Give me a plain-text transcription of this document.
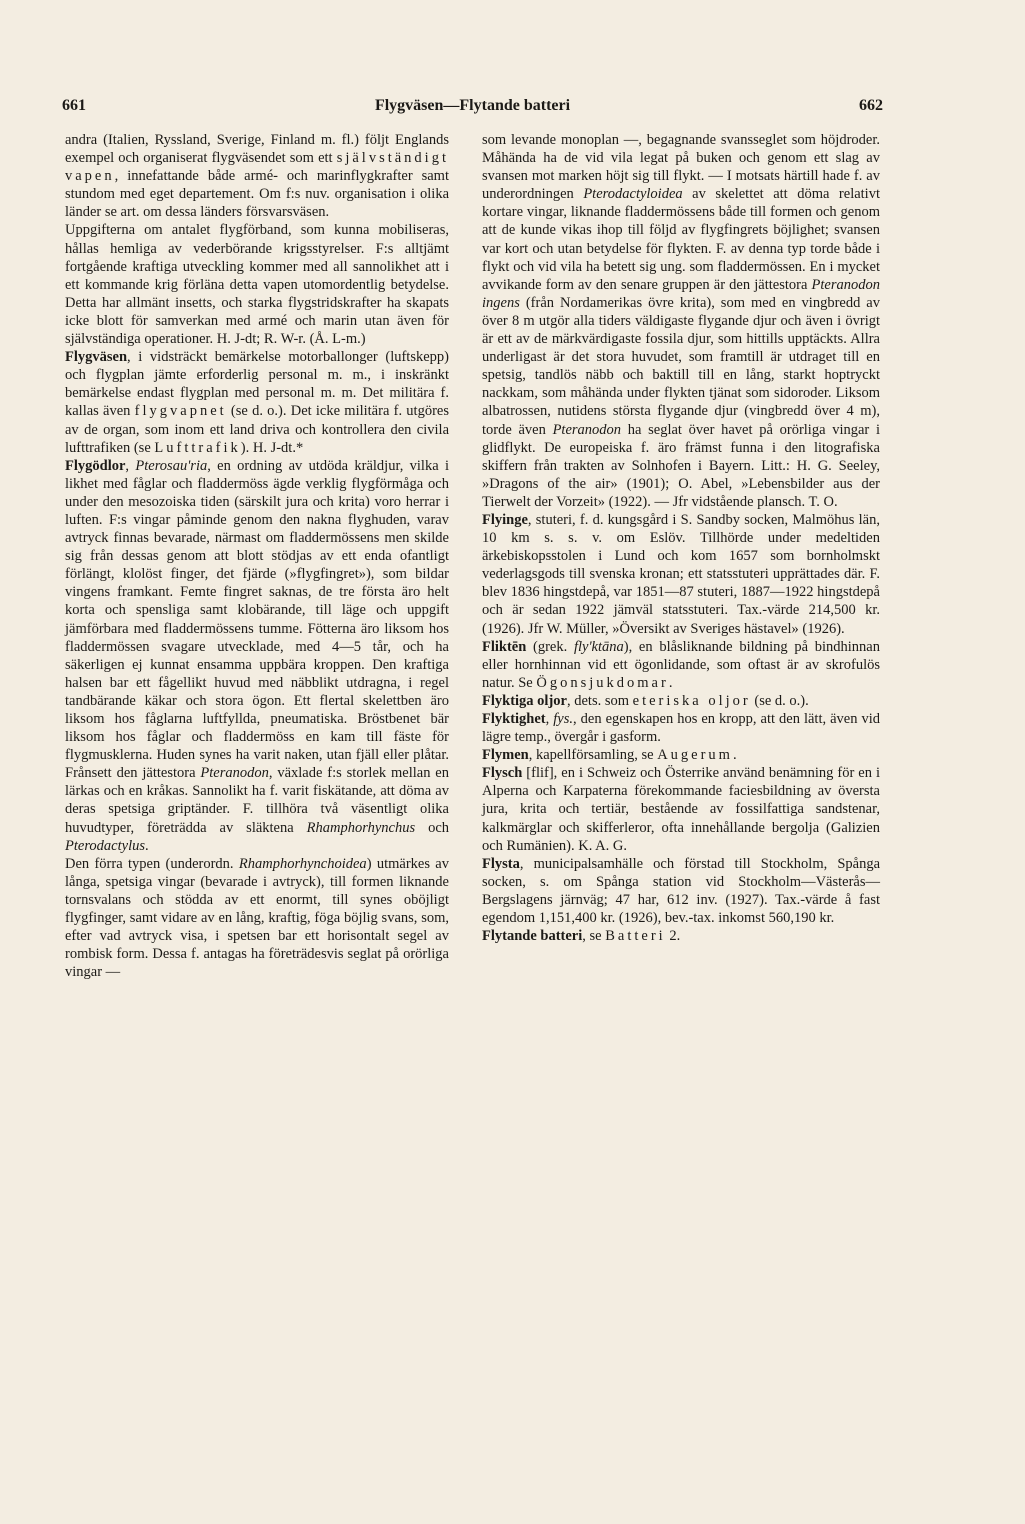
661	Flygväsen—Flytande batteri	662

andra (Italien, Ryssland, Sverige, Finland m. fl.) följt Englands exempel och organiserat flygväsendet som ett självständigt vapen, innefattande både armé- och marinflygkrafter samt stundom med eget departement. Om f:s nuv. organisation i olika länder se art. om dessa länders försvarsväsen.

Uppgifterna om antalet flygförband, som kunna mobiliseras, hållas hemliga av vederbörande krigsstyrelser. F:s alltjämt fortgående kraftiga utveckling kommer med all sannolikhet att i ett kommande krig förläna detta vapen utomordentlig betydelse. Detta har allmänt insetts, och starka flygstridskrafter ha skapats icke blott för samverkan med armé och marin utan även för självständiga operationer. H. J-dt; R. W-r. (Å. L-m.)

Flygväsen, i vidsträckt bemärkelse motorballonger (luftskepp) och flygplan jämte erforderlig personal m. m., i inskränkt bemärkelse endast flygplan med personal m. m. Det militära f. kallas även flygvapnet (se d. o.). Det icke militära f. utgöres av de organ, som inom ett land driva och kontrollera den civila lufttrafiken (se Lufttrafik). H. J-dt.*

Flygödlor, Pterosau'ria, en ordning av utdöda kräldjur, vilka i likhet med fåglar och fladdermöss ägde verklig flygförmåga och under den mesozoiska tiden (särskilt jura och krita) voro herrar i luften. F:s vingar påminde genom den nakna flyghuden, varav avtryck finnas bevarade, närmast om fladdermössens men skilde sig från dessas genom att blott stödjas av ett enda ofantligt förlängt, klolöst finger, det fjärde (»flygfingret»), som bildar vingens framkant. Femte fingret saknas, de tre första äro helt korta och spensliga samt klobärande, till läge och uppgift jämförbara med fladdermössens tumme. Fötterna äro liksom hos fladdermössen svagare utvecklade, med 4—5 tår, och ha säkerligen ej kunnat ensamma uppbära kroppen. Den kraftiga halsen bar ett fågellikt huvud med näbblikt utdragna, i regel tandbärande käkar och stora ögon. Ett flertal skelettben äro liksom hos fåglarna luftfyllda, pneumatiska. Bröstbenet bär liksom hos fåglar och fladdermöss en kam till fäste för flygmusklerna. Huden synes ha varit naken, utan fjäll eller plåtar. Frånsett den jättestora Pteranodon, växlade f:s storlek mellan en lärkas och en kråkas. Sannolikt ha f. varit fiskätande, att döma av deras spetsiga griptänder. F. tillhöra två väsentligt olika huvudtyper, företrädda av släktena Rhamphorhynchus och Pterodactylus.

Den förra typen (underordn. Rhamphorhynchoidea) utmärkes av långa, spetsiga vingar (bevarade i avtryck), till formen liknande tornsvalans och stödda av ett enormt, till synes oböjligt flygfinger, samt vidare av en lång, kraftig, föga böjlig svans, som, efter vad avtryck visa, i spetsen bar ett horisontalt segel av rombisk form. Dessa f. antagas ha företrädesvis seglat på orörliga vingar —

som levande monoplan —, begagnande svansseglet som höjdroder. Måhända ha de vid vila legat på buken och genom ett slag av svansen mot marken höjt sig till flykt. — I motsats härtill hade f. av underordningen Pterodactyloidea av skelettet att döma relativt kortare vingar, liknande fladdermössens både till formen och genom att de kunde vikas ihop till följd av flygfingrets böjlighet; svansen var kort och utan betydelse för flykten. F. av denna typ torde både i flykt och vid vila ha betett sig ung. som fladdermössen. En i mycket avvikande form av den senare gruppen är den jättestora Pteranodon ingens (från Nordamerikas övre krita), som med en vingbredd av över 8 m utgör alla tiders väldigaste flygande djur och även i övrigt är ett av de märkvärdigaste fossila djur, som hittills upptäckts. Allra underligast är det stora huvudet, som framtill är utdraget till en spetsig, tandlös näbb och baktill till en lång, starkt hoptryckt nackkam, som måhända under flykten tjänat som sidoroder. Liksom albatrossen, nutidens största flygande djur (vingbredd över 4 m), torde även Pteranodon ha seglat över havet på orörliga vingar i glidflykt. De europeiska f. äro främst funna i den litografiska skiffern från trakten av Solnhofen i Bayern. Litt.: H. G. Seeley, »Dragons of the air» (1901); O. Abel, »Lebensbilder aus der Tierwelt der Vorzeit» (1922). — Jfr vidstående plansch. T. O.

Flyinge, stuteri, f. d. kungsgård i S. Sandby socken, Malmöhus län, 10 km s. s. v. om Eslöv. Tillhörde under medeltiden ärkebiskopsstolen i Lund och kom 1657 som bornholmskt vederlagsgods till svenska kronan; ett statsstuteri upprättades där. F. blev 1836 hingstdepå, var 1851—87 stuteri, 1887—1922 hingstdepå och är sedan 1922 jämväl statsstuteri. Tax.-värde 214,500 kr. (1926). Jfr W. Müller, »Översikt av Sveriges hästavel» (1926).

Fliktēn (grek. fly'ktāna), en blåsliknande bildning på bindhinnan eller hornhinnan vid ett ögonlidande, som oftast är av skrofulös natur. Se Ögonsjukdomar.

Flyktiga oljor, dets. som eteriska oljor (se d. o.).

Flyktighet, fys., den egenskapen hos en kropp, att den lätt, även vid lägre temp., övergår i gasform.

Flymen, kapellförsamling, se Augerum.

Flysch [flif], en i Schweiz och Österrike använd benämning för en i Alperna och Karpaterna förekommande faciesbildning av översta jura, krita och tertiär, bestående av fossilfattiga sandstenar, kalkmärglar och skifferleror, ofta innehållande bergolja (Galizien och Rumänien). K. A. G.

Flysta, municipalsamhälle och förstad till Stockholm, Spånga socken, s. om Spånga station vid Stockholm—Västerås—Bergslagens järnväg; 47 har, 612 inv. (1927). Tax.-värde å fast egendom 1,151,400 kr. (1926), bev.-tax. inkomst 560,190 kr.

Flytande batteri, se Batteri 2.
